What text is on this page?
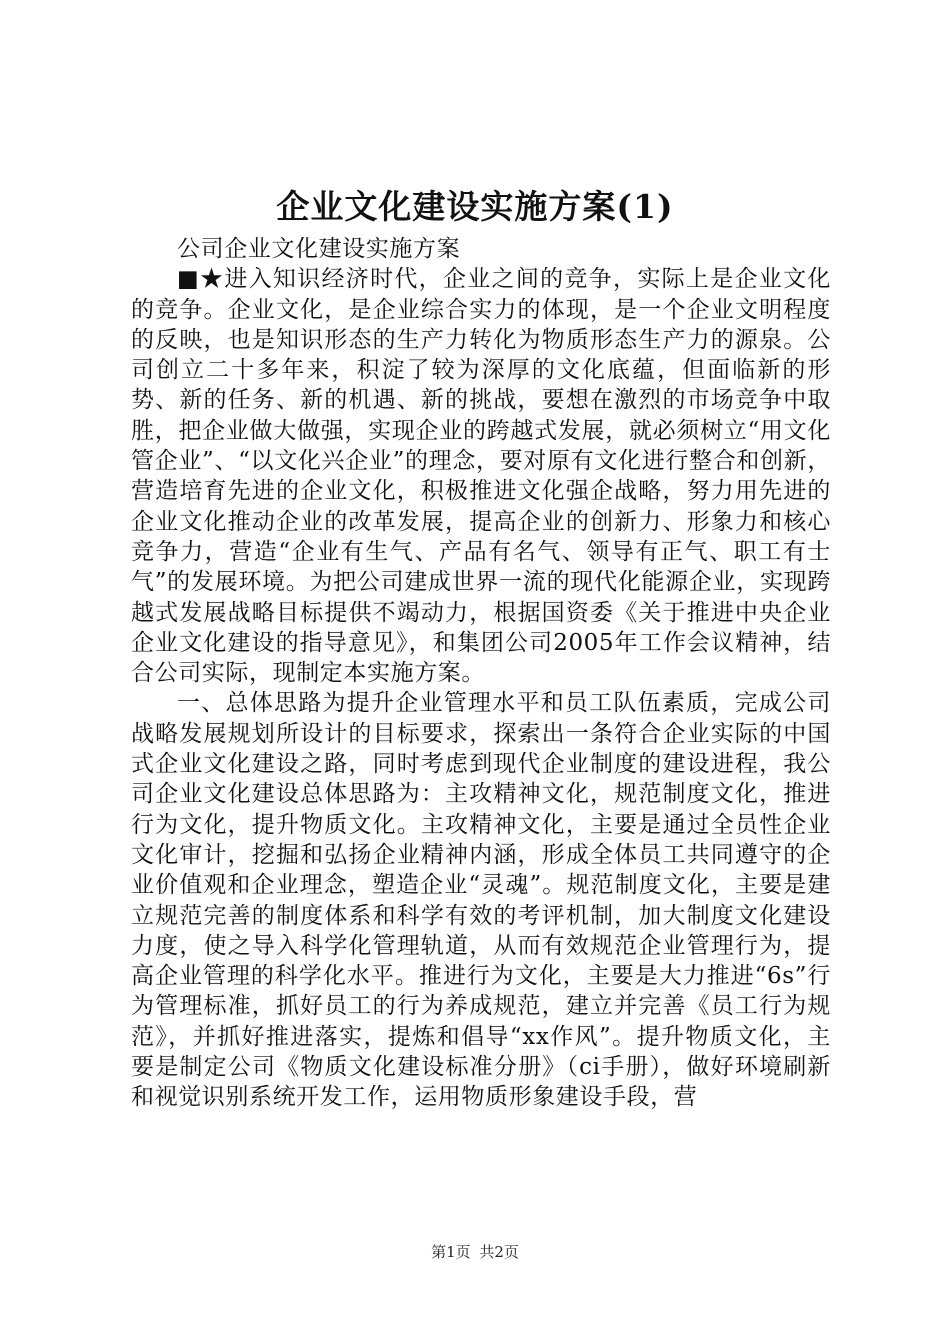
企业文化建设实施方案(1)

公司企业文化建设实施方案

■★进入知识经济时代，企业之间的竞争，实际上是企业文化的竞争。企业文化，是企业综合实力的体现，是一个企业文明程度的反映，也是知识形态的生产力转化为物质形态生产力的源泉。公司创立二十多年来，积淀了较为深厚的文化底蕴，但面临新的形势、新的任务、新的机遇、新的挑战，要想在激烈的市场竞争中取胜，把企业做大做强，实现企业的跨越式发展，就必须树立“用文化管企业”、“以文化兴企业”的理念，要对原有文化进行整合和创新，营造培育先进的企业文化，积极推进文化强企战略，努力用先进的企业文化推动企业的改革发展，提高企业的创新力、形象力和核心竞争力，营造“企业有生气、产品有名气、领导有正气、职工有士气”的发展环境。为把公司建成世界一流的现代化能源企业，实现跨越式发展战略目标提供不竭动力，根据国资委《关于推进中央企业企业文化建设的指导意见》，和集团公司2005年工作会议精神，结合公司实际，现制定本实施方案。

一、总体思路为提升企业管理水平和员工队伍素质，完成公司战略发展规划所设计的目标要求，探索出一条符合企业实际的中国式企业文化建设之路，同时考虑到现代企业制度的建设进程，我公司企业文化建设总体思路为：主攻精神文化，规范制度文化，推进行为文化，提升物质文化。主攻精神文化，主要是通过全员性企业文化审计，挖掘和弘扬企业精神内涵，形成全体员工共同遵守的企业价值观和企业理念，塑造企业“灵魂”。规范制度文化，主要是建立规范完善的制度体系和科学有效的考评机制，加大制度文化建设力度，使之导入科学化管理轨道，从而有效规范企业管理行为，提高企业管理的科学化水平。推进行为文化，主要是大力推进“6s”行为管理标准，抓好员工的行为养成规范，建立并完善《员工行为规范》，并抓好推进落实，提炼和倡导“xx作风”。提升物质文化，主要是制定公司《物质文化建设标准分册》（ci手册），做好环境刷新和视觉识别系统开发工作，运用物质形象建设手段，营

第1页 共2页
